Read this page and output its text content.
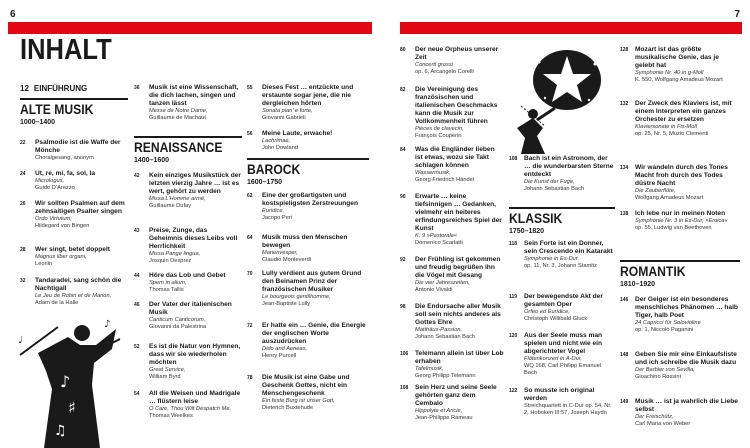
6
INHALT
12 EINFÜHRUNG
ALTE MUSIK
1000–1400
22 Psalmodie ist die Waffe der Mönche
Choralgesang, anonym
24 Ut, re, mi, fa, sol, la
Micrologus,
Guido D’Arezzo
26 Wir sollten Psalmen auf dem zehnsaitigen Psalter singen
Ordo Virtutum,
Hildegard von Bingen
28 Wer singt, betet doppelt
Magnus liber organi,
Leonin
32 Tandaradei, sang schön die Nachtigall
Le Jeu de Robin et de Marion,
Adam de la Halle
♪
♯
♫
♩
♪
36 Musik ist eine Wissenschaft, die dich lachen, singen und tanzen lässt
Messe de Notre Dame,
Guillaume de Machaut
RENAISSANCE
1400–1600
42 Kein einziges Musikstück der letzten vierzig Jahre … ist es wert, gehört zu werden
Missa L’Homme armé,
Guillaume Dufay
43 Preise, Zunge, das Geheimnis dieses Leibs voll Herrlichkeit
Missa Pange lingua,
Josquin Desprez
44 Höre das Lob und Gebet
Spem in alium,
Thomas Tallis
46 Der Vater der italienischen Musik
Canticum Canticorum,
Giovanni da Palestrina
52 Es ist die Natur von Hymnen, dass wir sie wiederholen möchten
Great Service,
William Byrd
54 All die Weisen und Madrigale … flüstern leise
O Care, Thou Wilt Despatch Me,
Thomas Weelkes
55 Dieses Fest … entzückte und erstaunte sogar jene, die nie dergleichen hörten
Sonata pian’ e forte,
Giovanni Gabrieli
56 Meine Laute, erwache!
Lachrimae,
John Dowland
BAROCK
1600–1750
62 Eine der großartigsten und kostspieligsten Zerstreuungen
Euridice,
Jacopo Peri
64 Musik muss den Menschen bewegen
Marienvesper,
Claudio Monteverdi
70 Lully verdient aus gutem Grund den Beinamen Prinz der französischen Musiker
Le bourgeois gentilhomme,
Jean-Baptiste Lully
72 Er hatte ein … Genie, die Energie der englischen Worte auszudrücken
Dido and Aeneas,
Henry Purcell
78 Die Musik ist eine Gabe und Geschenk Gottes, nicht ein Menschengeschenk
Ein feste Burg ist unser Gott,
Dieterich Buxtehude
7
80 Der neue Orpheus unserer Zeit
Concerti grossi
op. 6, Arcangelo Corelli
82 Die Vereinigung des französischen und italienischen Geschmacks kann die Musik zur Vollkommenheit führen
Pièces de clavecin,
François Couperin
84 Was die Engländer lieben ist etwas, wozu sie Takt schlagen können
Wassermusik,
Georg Friedrich Händel
90 Erwarte … keine tiefsinnigen … Gedanken, vielmehr ein heiteres erfindungsreiches Spiel der Kunst
K. 9 »Pastorale«
Domenico Scarlatti
92 Der Frühling ist gekommen und freudig begrüßen ihn die Vögel mit Gesang
Die vier Jahreszeiten,
Antonio Vivaldi
98 Die Endursache aller Musik soll sein nichts anderes als Gottes Ehre
Matthäus-Passion,
Johann Sebastian Bach
106 Telemann allein ist über Lob erhaben
Tafelmusik,
Georg Philipp Telemann
108 Sein Herz und seine Seele gehörten ganz dem Cembalo
Hippolyte et Aricie,
Jean-Philippe Rameau
108 Bach ist ein Astronom, der … die wunderbarsten Sterne entdeckt
Die Kunst der Fuge,
Johann Sebastian Bach
KLASSIK
1750–1820
118 Sein Forte ist ein Donner, sein Crescendo ein Katarakt
Symphonie in Es-Dur
op. 11, Nr. 3, Johann Stamitz
119 Der bewegendste Akt der gesamten Oper
Orfeo ed Euridice,
Christoph Willibald Gluck
120 Aus der Seele muss man spielen und nicht wie ein abgerichteter Vogel
Flötenkonzert in A-Dur,
WQ 168, Carl Philipp Emanuel Bach
122 So musste ich original werden
Streichquartett in C-Dur op. 54, Nr. 2, Hoboken III:57, Joseph Haydn
128 Mozart ist das größte musikalische Genie, das je gelebt hat
Symphonie Nr. 40 in g-Moll
K. 550, Wolfgang Amadeus Mozart
132 Der Zweck des Klaviers ist, mit einem Interpreten ein ganzes Orchester zu ersetzen
Klaviersonate in Fis-Moll
op. 25, Nr. 5, Muzio Clementi
134 Wir wandeln durch des Tones Macht froh durch des Todes düstre Nacht
Die Zauberflöte,
Wolfgang Amadeus Mozart
138 Ich lebe nur in meinen Noten
Symphonie Nr. 3 in Es-Dur, »Eroica«
op. 55, Ludwig van Beethoven
ROMANTIK
1810–1920
146 Der Geiger ist ein besonderes menschliches Phänomen … halb Tiger, halb Poet
24 Capricci für Solovioline
op. 1, Niccolò Paganini
148 Geben Sie mir eine Einkaufsliste und ich schreibe die Musik dazu
Der Barbier von Sevilla,
Gioachino Rossini
149 Musik … ist ja wahrlich die Liebe selbst
Der Freischütz,
Carl Maria von Weber
